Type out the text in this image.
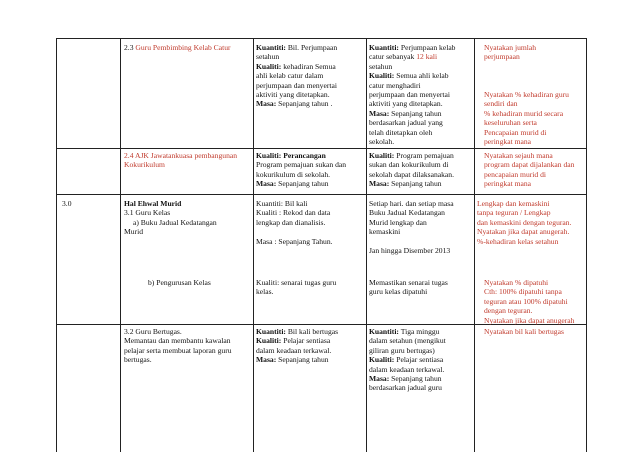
2.3 Guru Pembimbing Kelab Catur	Kuantiti: Bil. Perjumpaan

setahun

Kualiti: kehadiran Semua

ahli kelab catur dalam

perjumpaan dan menyertai

aktiviti yang ditetapkan.

Masa: Sepanjang tahun .

Kuantiti: Perjumpaan kelab

catur sebanyak 12 kali

setahun

Kualiti: Semua ahli kelab

catur menghadiri

perjumpaan dan menyertai

aktiviti yang ditetapkan.

Masa: Sepanjang tahun

berdasarkan jadual yang

telah ditetapkan oleh

sekolah.

Nyatakan jumlah

perjumpaan

Nyatakan % kehadiran guru

sendiri dan

% kehadiran murid secara

keseluruhan serta

Pencapaian murid di

peringkat mana

2.4 AJK Jawatankuasa pembangunan

Kokurikulum

Kualiti: Perancangan

Program pemajuan sukan dan

kokurikulum di sekolah.

Masa: Sepanjang tahun

Kualiti: Program pemajuan

sukan dan kokurikulum di

sekolah dapat dilaksanakan.

Masa: Sepanjang tahun

Nyatakan sejauh mana

program dapat dijalankan dan

pencapaian murid di

peringkat mana

3.0	Hal Ehwal Murid

3.1 Guru Kelas

a) Buku Jadual Kedatangan

Murid

b) Pengurusan Kelas

Kuantiti: Bil kali

Kualiti : Rekod dan data

lengkap dan dianalisis.

Masa : Sepanjang Tahun.

Kualiti: senarai tugas guru

kelas.

Setiap hari. dan setiap masa

Buku Jadual Kedatangan

Murid lengkap dan

kemaskini

Jan hingga Disember 2013

Memastikan senarai tugas

guru kelas dipatuhi

Lengkap dan kemaskini

tanpa teguran / Lengkap

dan kemaskini dengan teguran.

Nyatakan jika dapat anugerah.

%-kehadiran kelas setahun

Nyatakan % dipatuhi

Cth: 100% dipatuhi tanpa

teguran atau 100% dipatuhi

dengan teguran.

Nyatakan jika dapat anugerah

3.2 Guru Bertugas.

Memantau dan membantu kawalan

pelajar serta membuat laporan guru

bertugas.

Kuantiti: Bil kali bertugas

Kualiti: Pelajar sentiasa

dalam keadaan terkawal.

Masa: Sepanjang tahun

Kuantiti: Tiga minggu

dalam setahun (mengikut

giliran guru bertugas)

Kualiti: Pelajar sentiasa

dalam keadaan terkawal.

Masa: Sepanjang tahun

berdasarkan jadual guru

Nyatakan bil kali bertugas
